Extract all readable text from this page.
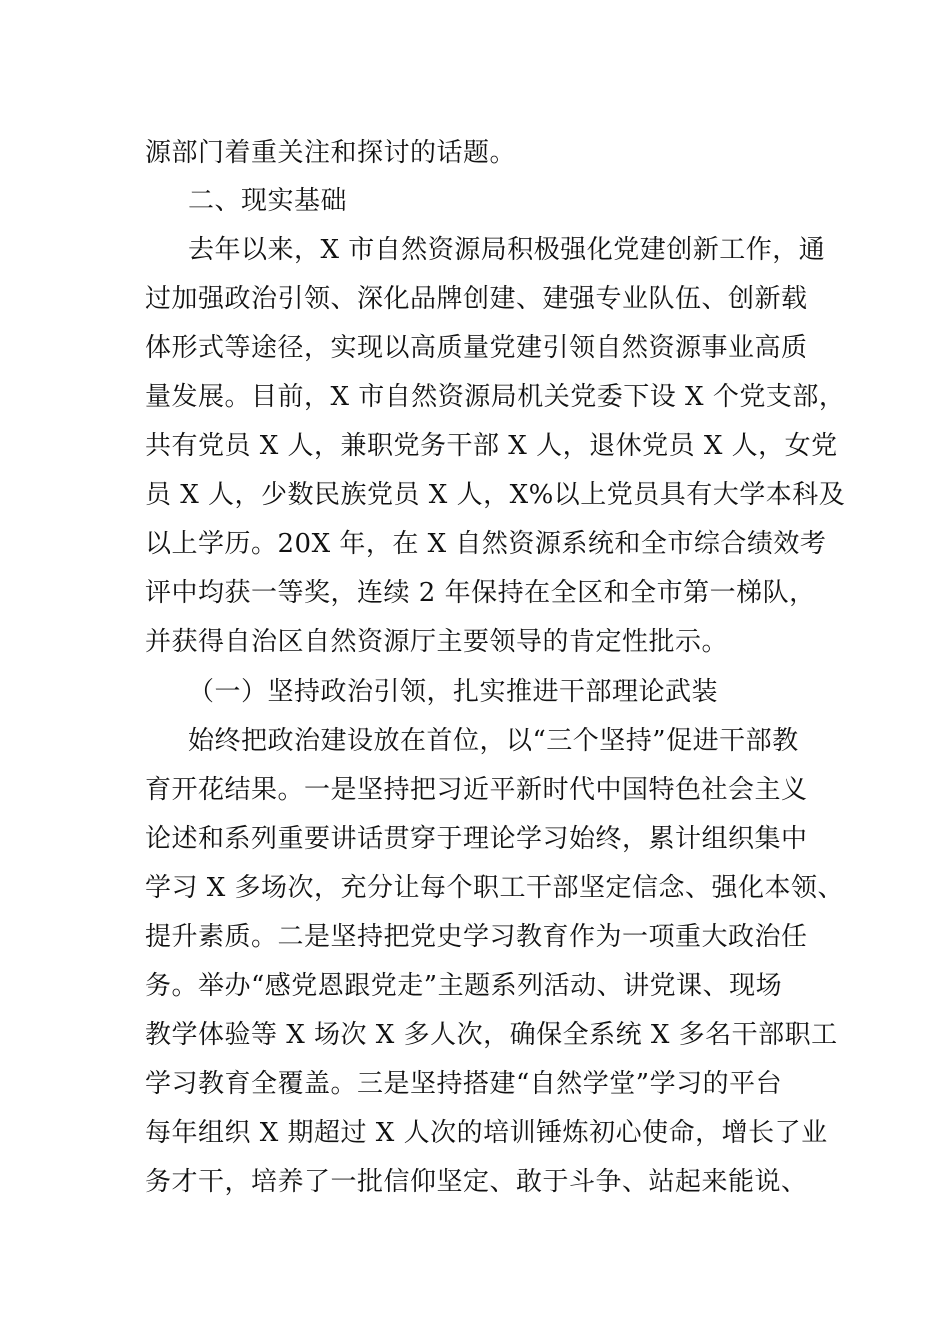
源部门着重关注和探讨的话题。
二、现实基础
去年以来，X 市自然资源局积极强化党建创新工作，通
过加强政治引领、深化品牌创建、建强专业队伍、创新载
体形式等途径，实现以高质量党建引领自然资源事业高质
量发展。目前，X 市自然资源局机关党委下设 X 个党支部，
共有党员 X 人，兼职党务干部 X 人，退休党员 X 人，女党
员 X 人，少数民族党员 X 人，X%以上党员具有大学本科及
以上学历。20X 年，在 X 自然资源系统和全市综合绩效考
评中均获一等奖，连续 2 年保持在全区和全市第一梯队，
并获得自治区自然资源厅主要领导的肯定性批示。
（一）坚持政治引领，扎实推进干部理论武装
始终把政治建设放在首位，以“三个坚持”促进干部教
育开花结果。一是坚持把习近平新时代中国特色社会主义
论述和系列重要讲话贯穿于理论学习始终，累计组织集中
学习 X 多场次，充分让每个职工干部坚定信念、强化本领、
提升素质。二是坚持把党史学习教育作为一项重大政治任
务。举办“感党恩跟党走”主题系列活动、讲党课、现场
教学体验等 X 场次 X 多人次，确保全系统 X 多名干部职工
学习教育全覆盖。三是坚持搭建“自然学堂”学习的平台
每年组织 X 期超过 X 人次的培训锤炼初心使命，增长了业
务才干，培养了一批信仰坚定、敢于斗争、站起来能说、
